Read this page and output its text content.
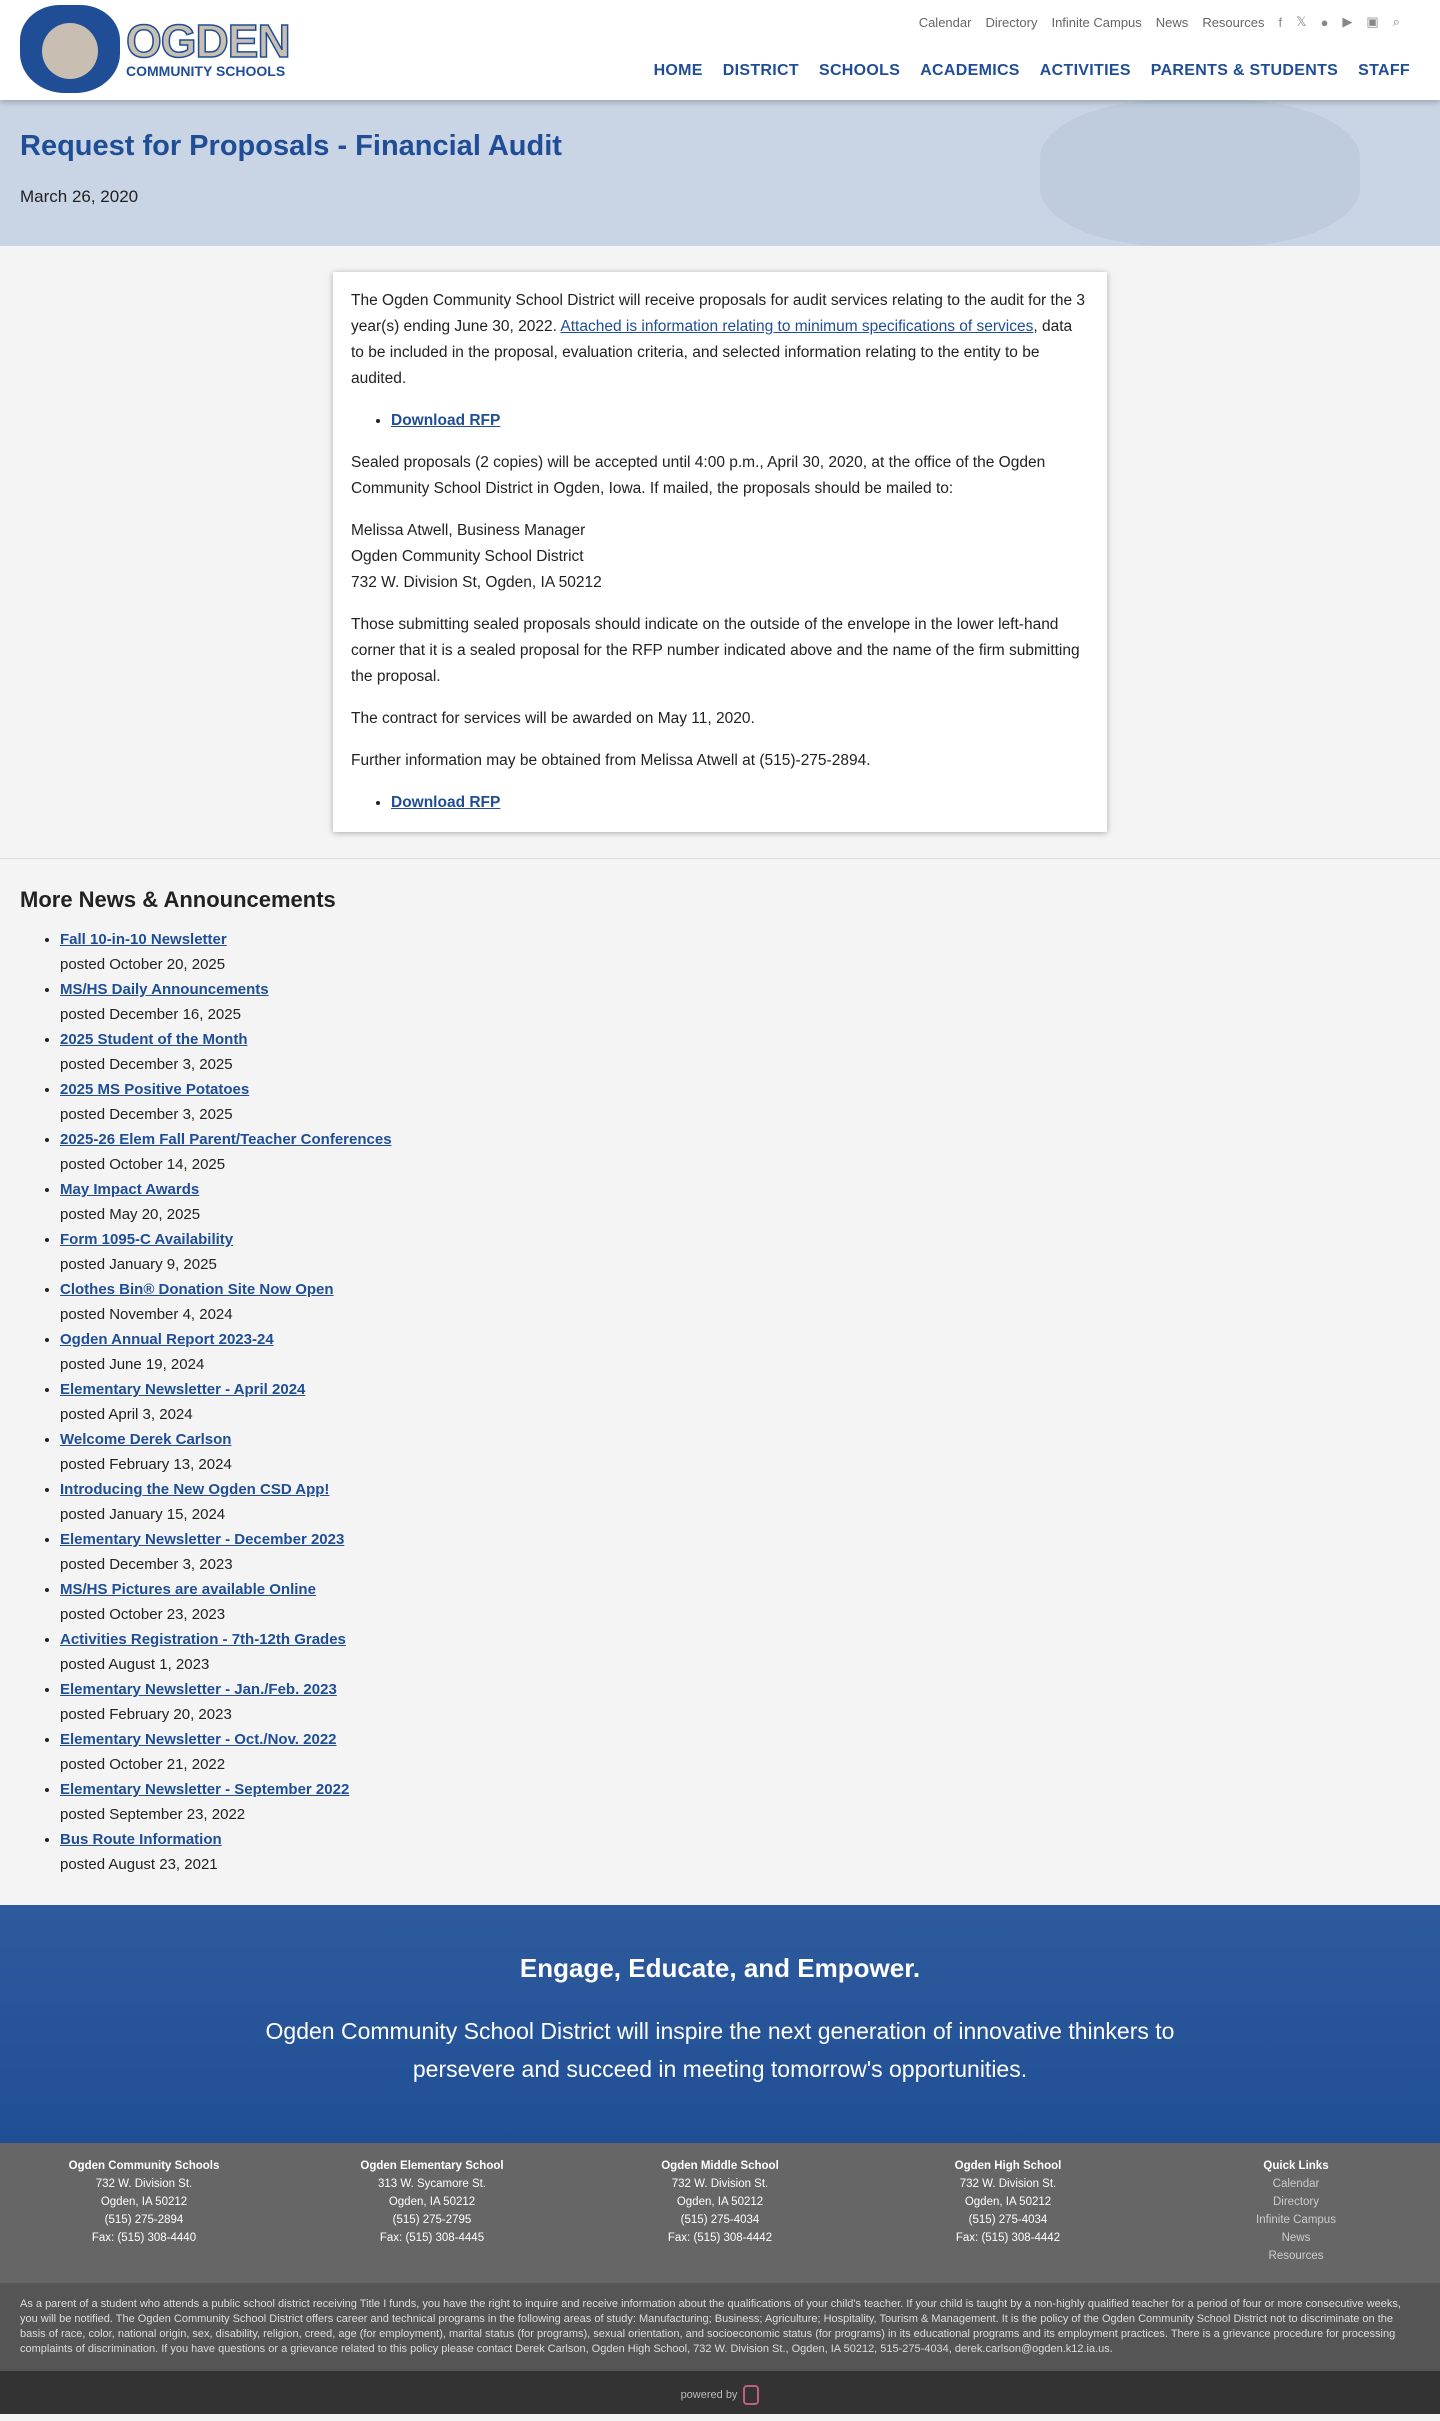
OGDEN
COMMUNITY SCHOOLS
Calendar Directory Infinite Campus News Resources f 𝕏 ● ▶ ▣ ⌕
HOME DISTRICT SCHOOLS ACADEMICS ACTIVITIES PARENTS & STUDENTS STAFF
Request for Proposals - Financial Audit
March 26, 2020

The Ogden Community School District will receive proposals for audit services relating to the audit for the 3 year(s) ending June 30, 2022. Attached is information relating to minimum specifications of services, data to be included in the proposal, evaluation criteria, and selected information relating to the entity to be audited.

• Download RFP

Sealed proposals (2 copies) will be accepted until 4:00 p.m., April 30, 2020, at the office of the Ogden Community School District in Ogden, Iowa. If mailed, the proposals should be mailed to:

Melissa Atwell, Business Manager
Ogden Community School District
732 W. Division St, Ogden, IA 50212

Those submitting sealed proposals should indicate on the outside of the envelope in the lower left-hand corner that it is a sealed proposal for the RFP number indicated above and the name of the firm submitting the proposal.

The contract for services will be awarded on May 11, 2020.

Further information may be obtained from Melissa Atwell at (515)-275-2894.

• Download RFP
More News & Announcements
• Fall 10-in-10 Newsletter
posted October 20, 2025
• MS/HS Daily Announcements
posted December 16, 2025
• 2025 Student of the Month
posted December 3, 2025
• 2025 MS Positive Potatoes
posted December 3, 2025
• 2025-26 Elem Fall Parent/Teacher Conferences
posted October 14, 2025
• May Impact Awards
posted May 20, 2025
• Form 1095-C Availability
posted January 9, 2025
• Clothes Bin® Donation Site Now Open
posted November 4, 2024
• Ogden Annual Report 2023-24
posted June 19, 2024
• Elementary Newsletter - April 2024
posted April 3, 2024
• Welcome Derek Carlson
posted February 13, 2024
• Introducing the New Ogden CSD App!
posted January 15, 2024
• Elementary Newsletter - December 2023
posted December 3, 2023
• MS/HS Pictures are available Online
posted October 23, 2023
• Activities Registration - 7th-12th Grades
posted August 1, 2023
• Elementary Newsletter - Jan./Feb. 2023
posted February 20, 2023
• Elementary Newsletter - Oct./Nov. 2022
posted October 21, 2022
• Elementary Newsletter - September 2022
posted September 23, 2022
• Bus Route Information
posted August 23, 2021
Engage, Educate, and Empower.

Ogden Community School District will inspire the next generation of innovative thinkers to persevere and succeed in meeting tomorrow's opportunities.

Ogden Community Schools
732 W. Division St.
Ogden, IA 50212
(515) 275-2894
Fax: (515) 308-4440
Ogden Elementary School
313 W. Sycamore St.
Ogden, IA 50212
(515) 275-2795
Fax: (515) 308-4445
Ogden Middle School
732 W. Division St.
Ogden, IA 50212
(515) 275-4034
Fax: (515) 308-4442
Ogden High School
732 W. Division St.
Ogden, IA 50212
(515) 275-4034
Fax: (515) 308-4442
Quick Links
Calendar
Directory
Infinite Campus
News
Resources
As a parent of a student who attends a public school district receiving Title I funds, you have the right to inquire and receive information about the qualifications of your child's teacher. If your child is taught by a non-highly qualified teacher for a period of four or more consecutive weeks, you will be notified. The Ogden Community School District offers career and technical programs in the following areas of study: Manufacturing; Business; Agriculture; Hospitality, Tourism & Management. It is the policy of the Ogden Community School District not to discriminate on the basis of race, color, national origin, sex, disability, religion, creed, age (for employment), marital status (for programs), sexual orientation, and socioeconomic status (for programs) in its educational programs and its employment practices. There is a grievance procedure for processing complaints of discrimination. If you have questions or a grievance related to this policy please contact Derek Carlson, Ogden High School, 732 W. Division St., Ogden, IA 50212, 515-275-4034, derek.carlson@ogden.k12.ia.us.
powered by
